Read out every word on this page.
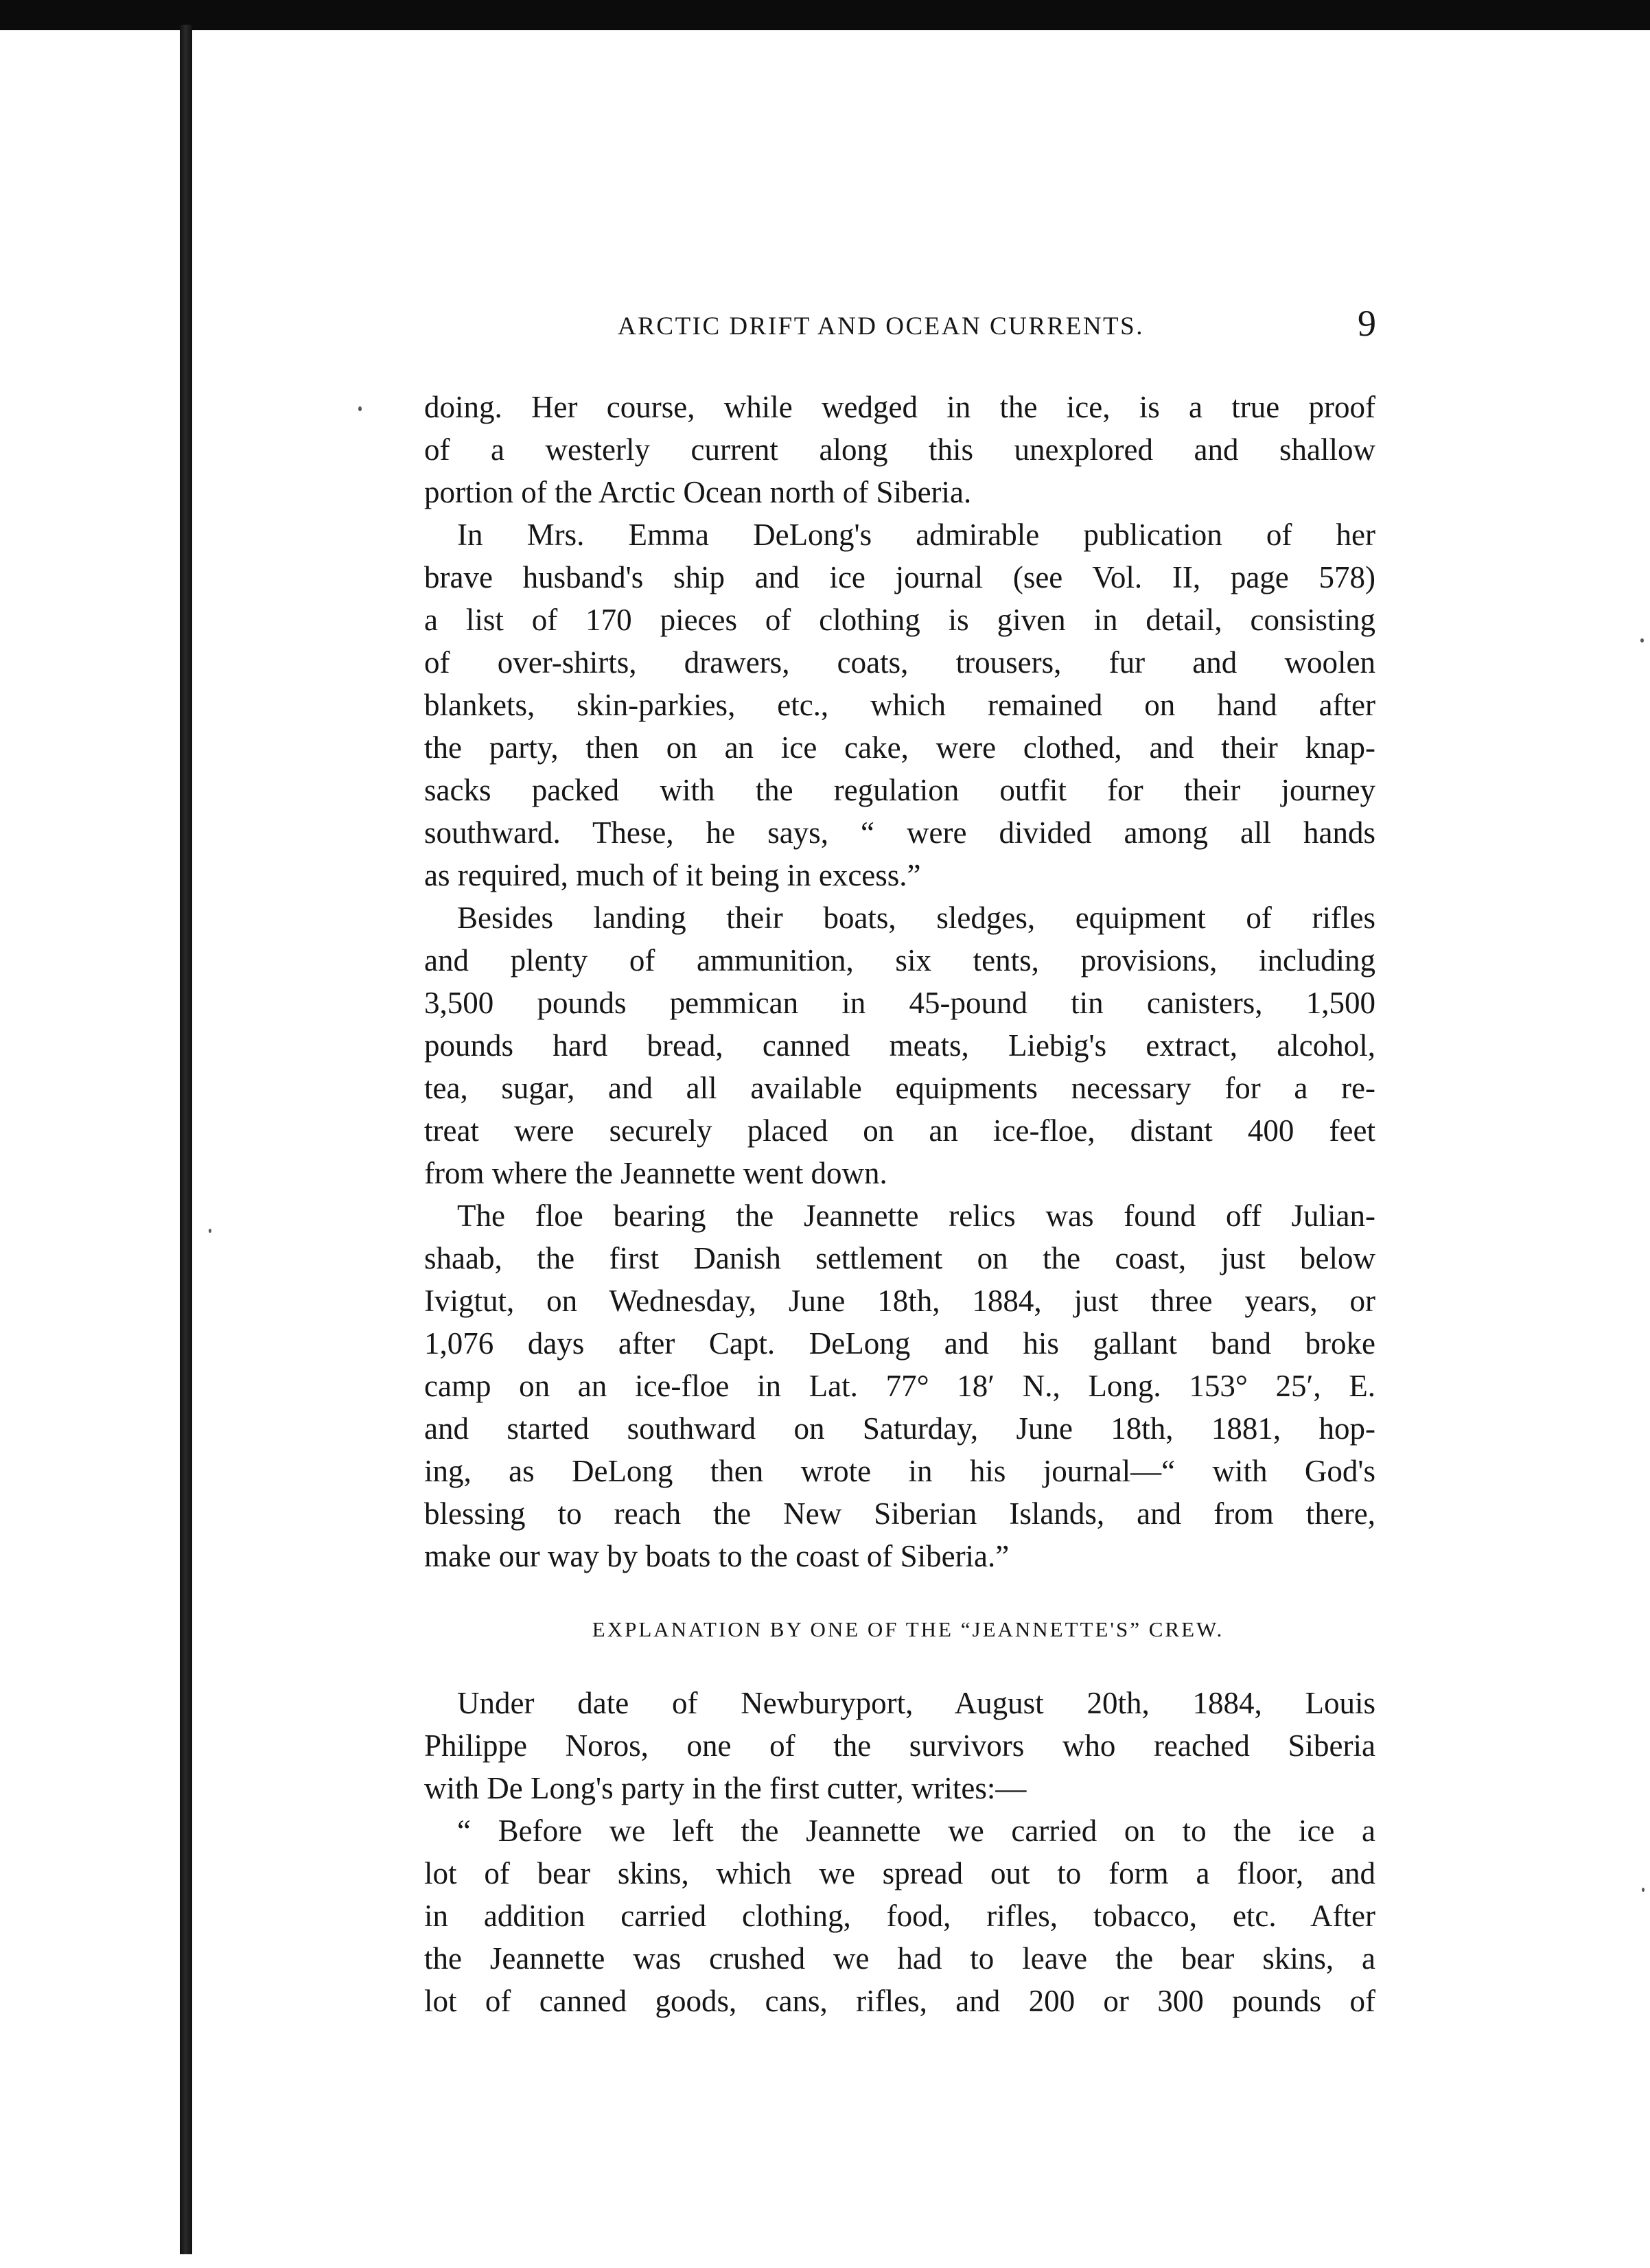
ARCTIC DRIFT AND OCEAN CURRENTS.	9
doing. Her course, while wedged in the ice, is a true proof
of a westerly current along this unexplored and shallow
portion of the Arctic Ocean north of Siberia.
In Mrs. Emma DeLong's admirable publication of her
brave husband's ship and ice journal (see Vol. II, page 578)
a list of 170 pieces of clothing is given in detail, consisting
of over-shirts, drawers, coats, trousers, fur and woolen
blankets, skin-parkies, etc., which remained on hand after
the party, then on an ice cake, were clothed, and their knap-
sacks packed with the regulation outfit for their journey
southward. These, he says, “ were divided among all hands
as required, much of it being in excess.”
Besides landing their boats, sledges, equipment of rifles
and plenty of ammunition, six tents, provisions, including
3,500 pounds pemmican in 45-pound tin canisters, 1,500
pounds hard bread, canned meats, Liebig's extract, alcohol,
tea, sugar, and all available equipments necessary for a re-
treat were securely placed on an ice-floe, distant 400 feet
from where the Jeannette went down.
The floe bearing the Jeannette relics was found off Julian-
shaab, the first Danish settlement on the coast, just below
Ivigtut, on Wednesday, June 18th, 1884, just three years, or
1,076 days after Capt. DeLong and his gallant band broke
camp on an ice-floe in Lat. 77° 18′ N., Long. 153° 25′, E.
and started southward on Saturday, June 18th, 1881, hop-
ing, as DeLong then wrote in his journal—“ with God's
blessing to reach the New Siberian Islands, and from there,
make our way by boats to the coast of Siberia.”
EXPLANATION BY ONE OF THE “JEANNETTE'S” CREW.
Under date of Newburyport, August 20th, 1884, Louis
Philippe Noros, one of the survivors who reached Siberia
with De Long's party in the first cutter, writes:—
“ Before we left the Jeannette we carried on to the ice a
lot of bear skins, which we spread out to form a floor, and
in addition carried clothing, food, rifles, tobacco, etc. After
the Jeannette was crushed we had to leave the bear skins, a
lot of canned goods, cans, rifles, and 200 or 300 pounds of
